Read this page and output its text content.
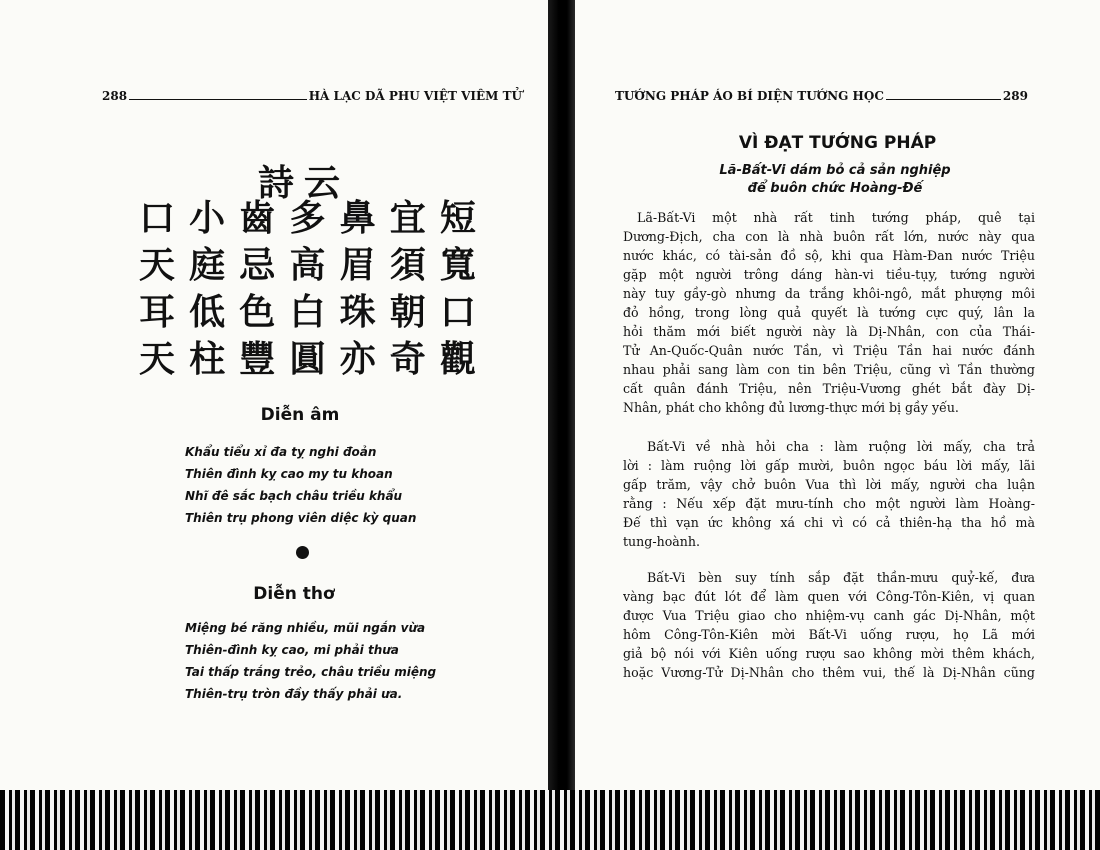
288	HÀ LẠC DÃ PHU VIỆT VIÊM TỬ
詩云
口 小 齒 多 鼻 宜 短
天 庭 忌 高 眉 須 寬
耳 低 色 白 珠 朝 口
天 柱 豐 圓 亦 奇 觀
Diễn âm
Khẩu tiểu xỉ đa tỵ nghi đoản
Thiên đình kỵ cao my tu khoan
Nhĩ đê sắc bạch châu triều khẩu
Thiên trụ phong viên diệc kỳ quan
Diễn thơ
Miệng bé răng nhiều, mũi ngắn vừa
Thiên-đình kỵ cao, mi phải thưa
Tai thấp trắng trẻo, châu triều miệng
Thiên-trụ tròn đầy thấy phải ưa.
TƯỚNG PHÁP ÁO BÍ DIỆN TƯỚNG HỌC	289
VÌ ĐẠT TƯỚNG PHÁP
Lã-Bất-Vi dám bỏ cả sản nghiệp
để buôn chức Hoàng-Đế
Lã-Bất-Vi một nhà rất tinh tướng pháp, quê tại
Dương-Địch, cha con là nhà buôn rất lớn, nước này qua
nước khác, có tài-sản đồ sộ, khi qua Hàm-Đan nước Triệu
gặp một người trông dáng hàn-vi tiều-tụy, tướng người
này tuy gầy-gò nhưng da trắng khôi-ngô, mắt phượng môi
đỏ hồng, trong lòng quả quyết là tướng cực quý, lân la
hỏi thăm mới biết người này là Dị-Nhân, con của Thái-
Tử An-Quốc-Quân nước Tần, vì Triệu Tần hai nước đánh
nhau phải sang làm con tin bên Triệu, cũng vì Tần thường
cất quân đánh Triệu, nên Triệu-Vương ghét bắt đày Dị-
Nhân, phát cho không đủ lương-thực mới bị gầy yếu.
Bất-Vi về nhà hỏi cha : làm ruộng lời mấy, cha trả
lời : làm ruộng lời gấp mười, buôn ngọc báu lời mấy, lãi
gấp trăm, vậy chở buôn Vua thì lời mấy, người cha luận
rằng : Nếu xếp đặt mưu-tính cho một người làm Hoàng-
Đế thì vạn ức không xá chi vì có cả thiên-hạ tha hồ mà
tung-hoành.
Bất-Vi bèn suy tính sắp đặt thần-mưu quỷ-kế, đưa
vàng bạc đút lót để làm quen với Công-Tôn-Kiên, vị quan
được Vua Triệu giao cho nhiệm-vụ canh gác Dị-Nhân, một
hôm Công-Tôn-Kiên mời Bất-Vi uống rượu, họ Lã mới
giả bộ nói với Kiên uống rượu sao không mời thêm khách,
hoặc Vương-Tử Dị-Nhân cho thêm vui, thế là Dị-Nhân cũng
